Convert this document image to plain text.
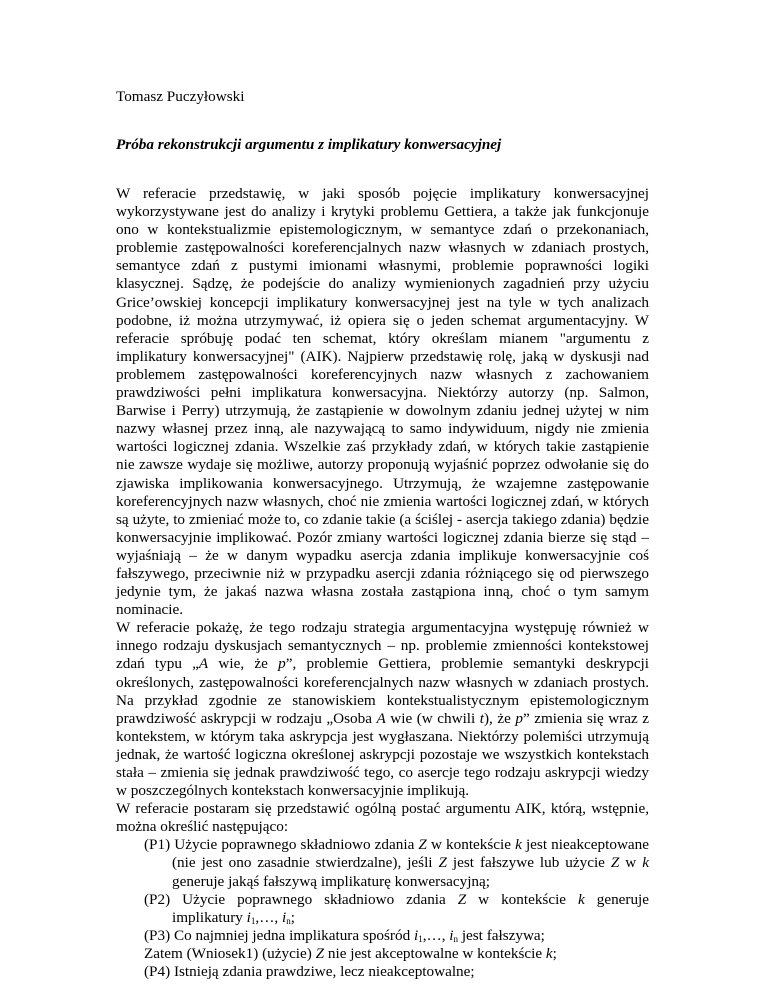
Tomasz Puczyłowski
Próba rekonstrukcji argumentu z implikatury konwersacyjnej

W referacie przedstawię, w jaki sposób pojęcie implikatury konwersacyjnej wykorzystywane jest do analizy i krytyki problemu Gettiera, a także jak funkcjonuje ono w kontekstualizmie epistemologicznym, w semantyce zdań o przekonaniach, problemie zastępowalności koreferencjalnych nazw własnych w zdaniach prostych, semantyce zdań z pustymi imionami własnymi, problemie poprawności logiki klasycznej. Sądzę, że podejście do analizy wymienionych zagadnień przy użyciu Grice’owskiej koncepcji implikatury konwersacyjnej jest na tyle w tych analizach podobne, iż można utrzymywać, iż opiera się o jeden schemat argumentacyjny. W referacie spróbuję podać ten schemat, który określam mianem "argumentu z implikatury konwersacyjnej" (AIK). Najpierw przedstawię rolę, jaką w dyskusji nad problemem zastępowalności koreferencyjnych nazw własnych z zachowaniem prawdziwości pełni implikatura konwersacyjna. Niektórzy autorzy (np. Salmon, Barwise i Perry) utrzymują, że zastąpienie w dowolnym zdaniu jednej użytej w nim nazwy własnej przez inną, ale nazywającą to samo indywiduum, nigdy nie zmienia wartości logicznej zdania. Wszelkie zaś przykłady zdań, w których takie zastąpienie nie zawsze wydaje się możliwe, autorzy proponują wyjaśnić poprzez odwołanie się do zjawiska implikowania konwersacyjnego. Utrzymują, że wzajemne zastępowanie koreferencyjnych nazw własnych, choć nie zmienia wartości logicznej zdań, w których są użyte, to zmieniać może to, co zdanie takie (a ściślej - asercja takiego zdania) będzie konwersacyjnie implikować. Pozór zmiany wartości logicznej zdania bierze się stąd – wyjaśniają – że w danym wypadku asercja zdania implikuje konwersacyjnie coś fałszywego, przeciwnie niż w przypadku asercji zdania różniącego się od pierwszego jedynie tym, że jakaś nazwa własna została zastąpiona inną, choć o tym samym nominacie.

W referacie pokażę, że tego rodzaju strategia argumentacyjna występuję również w innego rodzaju dyskusjach semantycznych – np. problemie zmienności kontekstowej zdań typu „A wie, że p”, problemie Gettiera, problemie semantyki deskrypcji określonych, zastępowalności koreferencjalnych nazw własnych w zdaniach prostych. Na przykład zgodnie ze stanowiskiem kontekstualistycznym epistemologicznym prawdziwość askrypcji w rodzaju „Osoba A wie (w chwili t), że p” zmienia się wraz z kontekstem, w którym taka askrypcja jest wygłaszana. Niektórzy polemiści utrzymują jednak, że wartość logiczna określonej askrypcji pozostaje we wszystkich kontekstach stała – zmienia się jednak prawdziwość tego, co asercje tego rodzaju askrypcji wiedzy w poszczególnych kontekstach konwersacyjnie implikują.

W referacie postaram się przedstawić ogólną postać argumentu AIK, którą, wstępnie, można określić następująco:

(P1) Użycie poprawnego składniowo zdania Z w kontekście k jest nieakceptowane (nie jest ono zasadnie stwierdzalne), jeśli Z jest fałszywe lub użycie Z w k generuje jakąś fałszywą implikaturę konwersacyjną;

(P2) Użycie poprawnego składniowo zdania Z w kontekście k generuje implikatury $i_1,\dots$, $i_n$;

(P3) Co najmniej jedna implikatura spośród $i_1,\dots$, $i_n$ jest fałszywa;

Zatem (Wniosek1) (użycie) Z nie jest akceptowalne w kontekście k;

(P4) Istnieją zdania prawdziwe, lecz nieakceptowalne;
